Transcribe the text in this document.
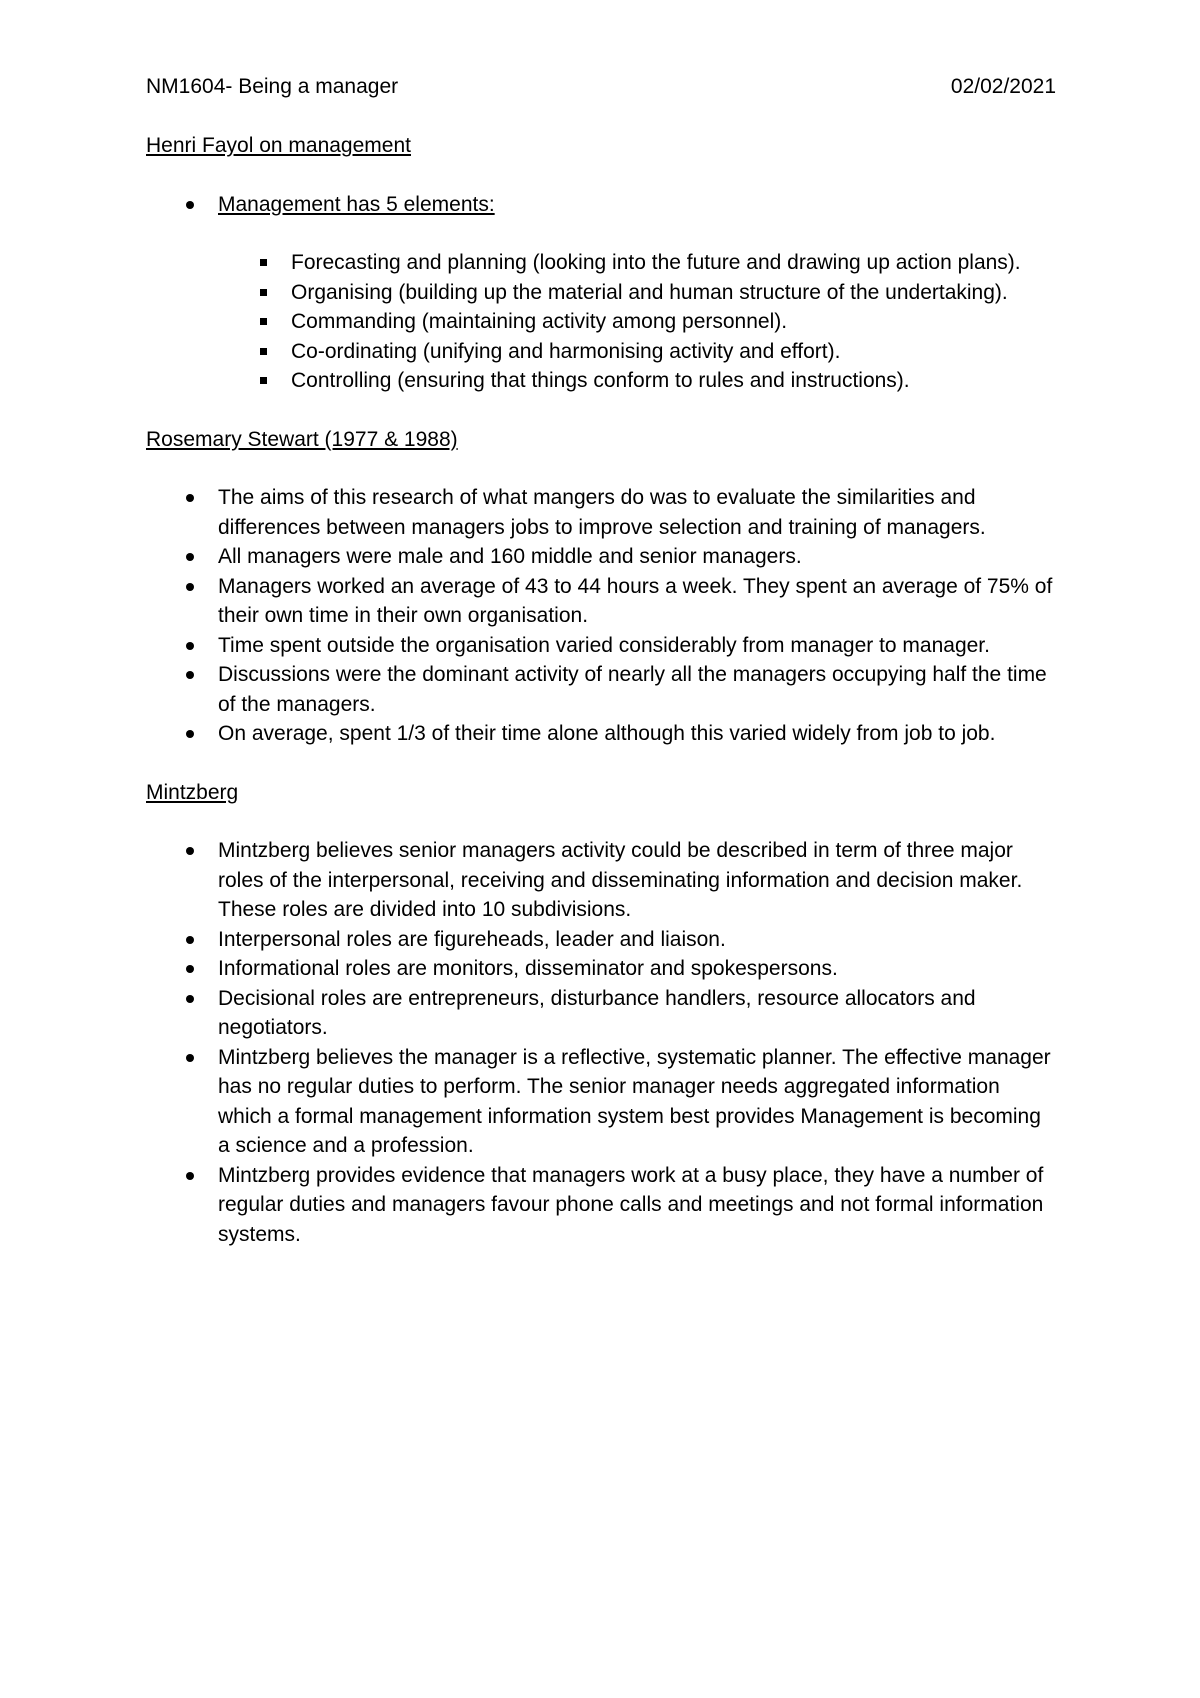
NM1604- Being a manager	02/02/2021
Henri Fayol on management
Management has 5 elements:
Forecasting and planning (looking into the future and drawing up action plans).
Organising (building up the material and human structure of the undertaking).
Commanding (maintaining activity among personnel).
Co-ordinating (unifying and harmonising activity and effort).
Controlling (ensuring that things conform to rules and instructions).
Rosemary Stewart (1977 & 1988)
The aims of this research of what mangers do was to evaluate the similarities and differences between managers jobs to improve selection and training of managers.
All managers were male and 160 middle and senior managers.
Managers worked an average of 43 to 44 hours a week. They spent an average of 75% of their own time in their own organisation.
Time spent outside the organisation varied considerably from manager to manager.
Discussions were the dominant activity of nearly all the managers occupying half the time of the managers.
On average, spent 1/3 of their time alone although this varied widely from job to job.
Mintzberg
Mintzberg believes senior managers activity could be described in term of three major roles of the interpersonal, receiving and disseminating information and decision maker. These roles are divided into 10 subdivisions.
Interpersonal roles are figureheads, leader and liaison.
Informational roles are monitors, disseminator and spokespersons.
Decisional roles are entrepreneurs, disturbance handlers, resource allocators and negotiators.
Mintzberg believes the manager is a reflective, systematic planner. The effective manager has no regular duties to perform. The senior manager needs aggregated information which a formal management information system best provides Management is becoming a science and a profession.
Mintzberg provides evidence that managers work at a busy place, they have a number of regular duties and managers favour phone calls and meetings and not formal information systems.
